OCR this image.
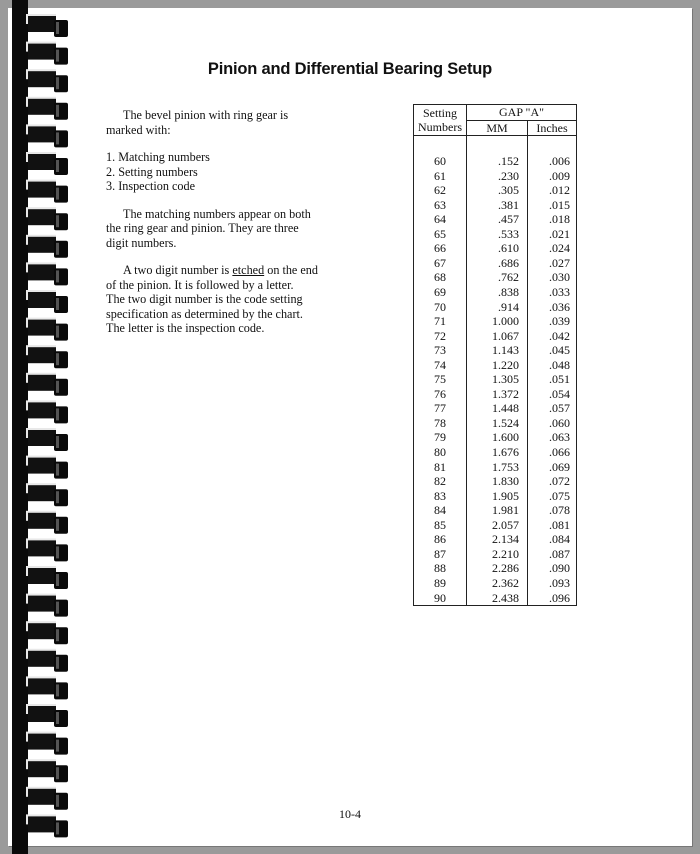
Pinion and Differential Bearing Setup

The bevel pinion with ring gear is

marked with:

1. Matching numbers

2. Setting numbers

3. Inspection code

The matching numbers appear on both

the ring gear and pinion. They are three

digit numbers.

A two digit number is etched on the end

of the pinion. It is followed by a letter.

The two digit number is the code setting

specification as determined by the chart.

The letter is the inspection code.

Setting
Numbers	GAP "A"	
	MM	Inches

60	.152	.006
61	.230	.009
62	.305	.012
63	.381	.015
64	.457	.018
65	.533	.021
66	.610	.024
67	.686	.027
68	.762	.030
69	.838	.033
70	.914	.036
71	1.000	.039
72	1.067	.042
73	1.143	.045
74	1.220	.048
75	1.305	.051
76	1.372	.054
77	1.448	.057
78	1.524	.060
79	1.600	.063
80	1.676	.066
81	1.753	.069
82	1.830	.072
83	1.905	.075
84	1.981	.078
85	2.057	.081
86	2.134	.084
87	2.210	.087
88	2.286	.090
89	2.362	.093
90	2.438	.096
10-4
